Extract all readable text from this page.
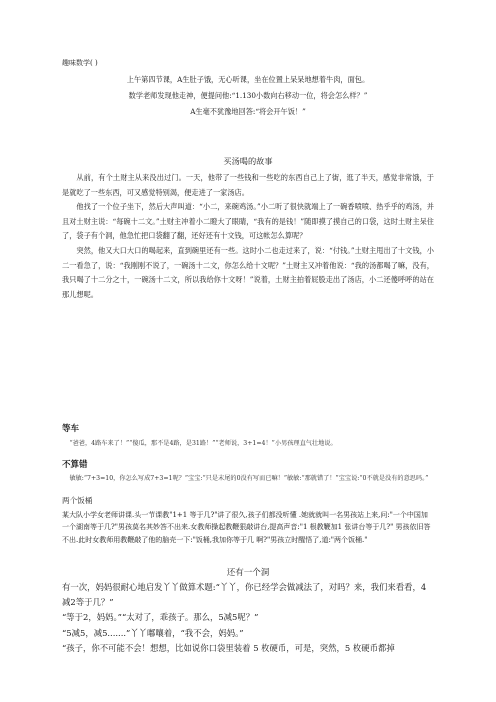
趣味数学( )

上午第四节课，A生肚子饿，无心听课，坐在位置上呆呆地想着牛肉，面包。

数学老师发现他走神，便提问他:“1.130小数向右移动一位，将会怎么样？”

A生毫不犹豫地回答:“将会开午饭！”

买汤喝的故事

从前，有个土财主从来没出过门。一天，他带了一些钱和一些吃的东西自己上了街，逛了半天，感觉非常饿，于是就吃了一些东西，可又感觉特别渴，便走进了一家汤店。

他找了一个位子坐下，然后大声叫道：“小二，来碗鸡汤。”小二听了很快就端上了一碗香喷喷、热乎乎的鸡汤，并且对土财主说：“每碗十二文。”土财主冲着小二瞪大了眼睛，“我有的是钱！”随即摸了摸自己的口袋，这时土财主呆住了，袋子有个洞，他急忙把口袋翻了翻，还好还有十文钱，可这帐怎么算呢？

突然，他又大口大口的喝起来，直到碗里还有一些。这时小二也走过来了，说：“付钱。”土财主甩出了十文钱，小二一看急了，说：“我刚刚不说了，一碗汤十二文，你怎么给十文呢？”土财主又冲着他说：“我的汤都喝了嘛，没有，我只喝了十二分之十，一碗汤十二文，所以我给你十文呀！”说着，土财主拍着屁股走出了汤店，小二还傻呼呼的站在那儿想呢。

等车

“爸爸，4路车来了！”“傻瓜，那不是4路，是31路！”“老师说，3+1=4！”小男孩理直气壮地说。

不算错

敏敏:“7+3=10，你怎么写成7+3=1呢？”宝宝:“只是末尾的0没有写而已嘛！”敏敏:“那就错了！”宝宝说:“0不就是没有的意思吗。”

两个饭桶

某大队小学女老师讲课.头一节课教"1+1 等于几?"讲了很久,孩子们都没听懂 .她就就叫一名男孩站上来,问:"一个中国加一个湖南等于几?"男孩莫名其妙答不出来.女教师操起教鞭狠敲讲台,提高声音:"1 根教鞭加1 张讲台等于几?" 男孩依旧答不出.此时女教师用教鞭敲了他的脑壳一下:"饭桶,我加你等于几 啊?"男孩立时醒悟了,道:"两个饭桶."

还有一个洞

有一次，妈妈很耐心地启发丫丫做算术题:“丫丫，你已经学会做减法了，对吗？来，我们来看看，4减2等于几？”

“等于2，妈妈。”“太对了，乖孩子。那么，5减5呢？”

“5减5，减5.......”丫丫嘟嚷着，“我不会，妈妈。”

“孩子，你不可能不会！想想，比如说你口袋里装着 5 枚硬币，可是，突然，5 枚硬币都掉
